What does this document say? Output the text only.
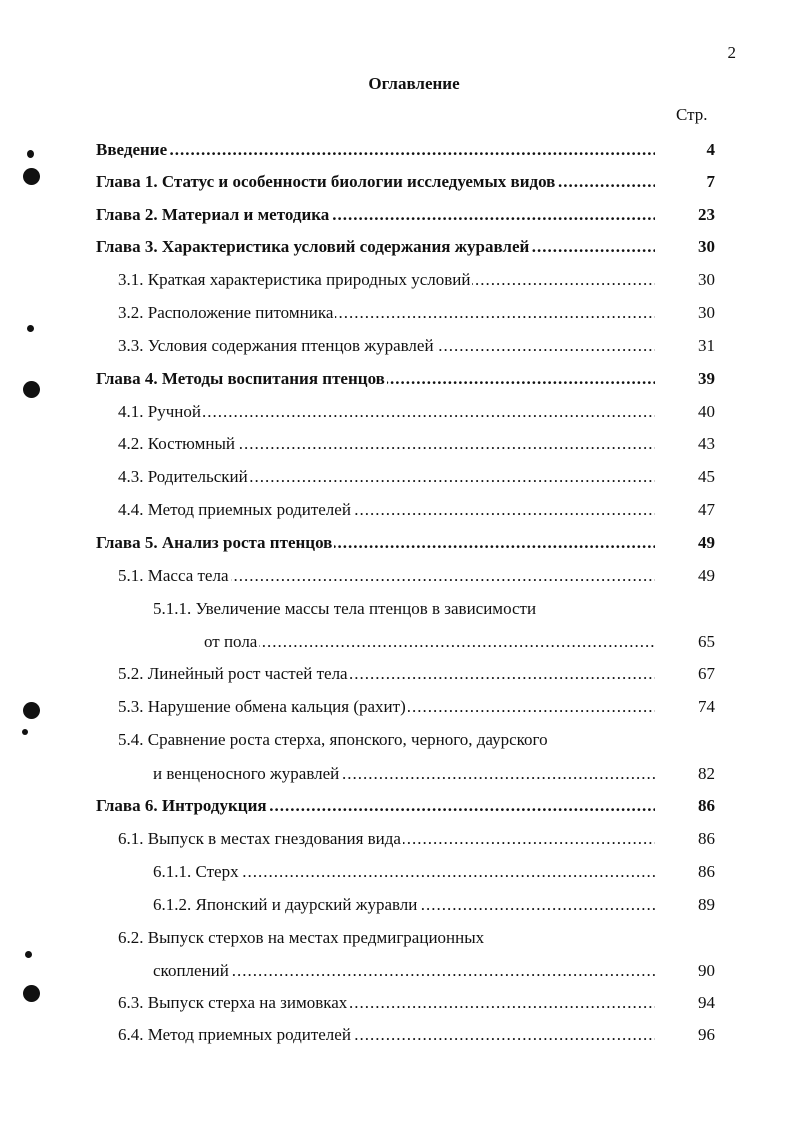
2
Оглавление
Стр.
Введение .....	4
Глава 1. Статус и особенности биологии исследуемых видов .....	7
Глава 2. Материал и методика .....	23
Глава 3. Характеристика условий содержания журавлей .....	30
3.1. Краткая характеристика природных условий .....	30
3.2. Расположение питомника .....	30
3.3. Условия содержания птенцов журавлей .....	31
Глава 4. Методы воспитания птенцов .....	39
4.1. Ручной .....	40
4.2. Костюмный .....	43
4.3. Родительский .....	45
4.4. Метод приемных родителей .....	47
Глава 5. Анализ роста птенцов .....	49
5.1. Масса тела .....	49
5.1.1. Увеличение массы тела птенцов в зависимости
от пола .....	65
5.2. Линейный рост частей тела .....	67
5.3. Нарушение обмена кальция (рахит) .....	74
5.4. Сравнение роста стерха, японского, черного, даурского
и венценосного журавлей .....	82
Глава 6. Интродукция .....	86
6.1. Выпуск в местах гнездования вида .....	86
6.1.1. Стерх .....	86
6.1.2. Японский и даурский журавли .....	89
6.2. Выпуск стерхов на местах предмиграционных
скоплений .....	90
6.3. Выпуск стерха на зимовках .....	94
6.4. Метод приемных родителей .....	96
